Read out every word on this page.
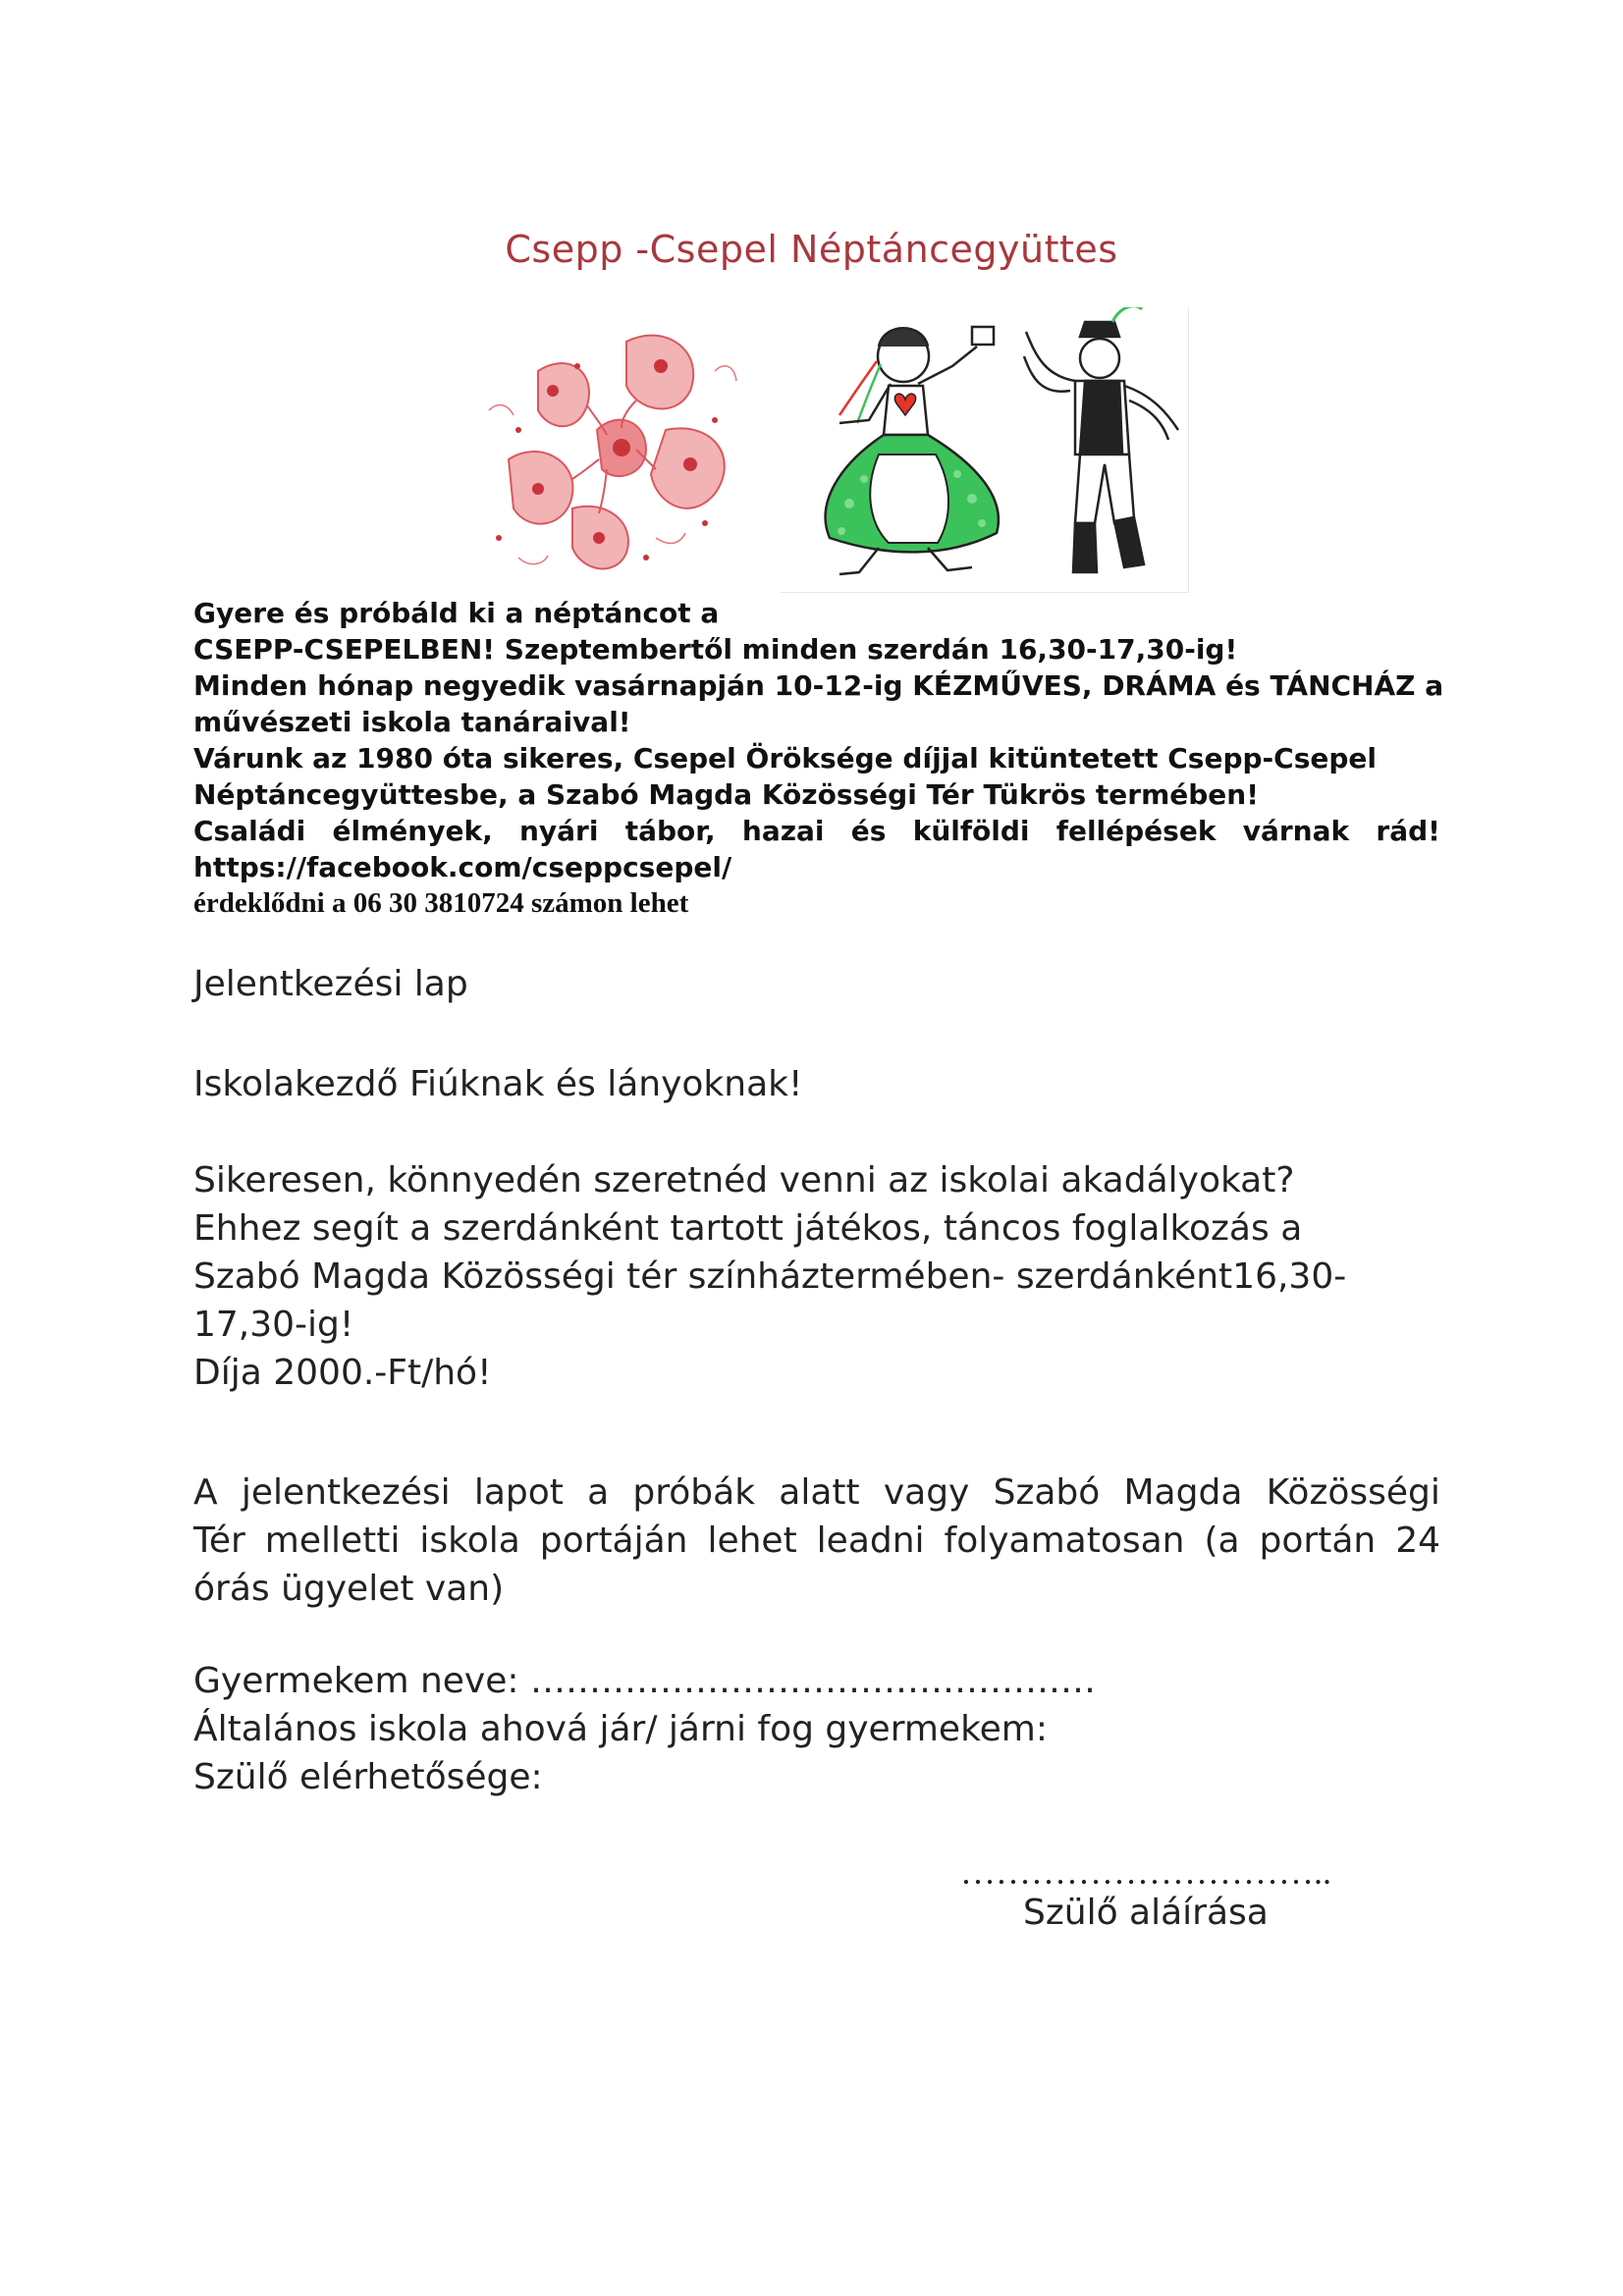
Csepp -Csepel Néptáncegyüttes
Gyere és próbáld ki a néptáncot a
CSEPP-CSEPELBEN! Szeptembertől minden szerdán 16,30-17,30-ig!
Minden hónap negyedik vasárnapján 10-12-ig KÉZMŰVES, DRÁMA és TÁNCHÁZ a
művészeti iskola tanáraival!
Várunk az 1980 óta sikeres, Csepel Öröksége díjjal kitüntetett Csepp-Csepel
Néptáncegyüttesbe, a Szabó Magda Közösségi Tér Tükrös termében!
Családi élmények, nyári tábor, hazai és külföldi fellépések várnak rád!
https://facebook.com/cseppcsepel/
érdeklődni a 06 30 3810724 számon lehet
Jelentkezési lap
Iskolakezdő Fiúknak és lányoknak!
Sikeresen, könnyedén szeretnéd venni az iskolai akadályokat?
Ehhez segít a szerdánként tartott játékos, táncos foglalkozás a
Szabó Magda Közösségi tér színháztermében- szerdánként16,30-
17,30-ig!
Díja 2000.-Ft/hó!
A jelentkezési lapot a próbák alatt vagy Szabó Magda Közösségi
Tér melletti iskola portáján lehet leadni folyamatosan (a portán 24
órás ügyelet van)
Gyermekem neve: …………………………………………
Általános iskola ahová jár/ járni fog gyermekem:
Szülő elérhetősége:
…………………………..
Szülő aláírása
